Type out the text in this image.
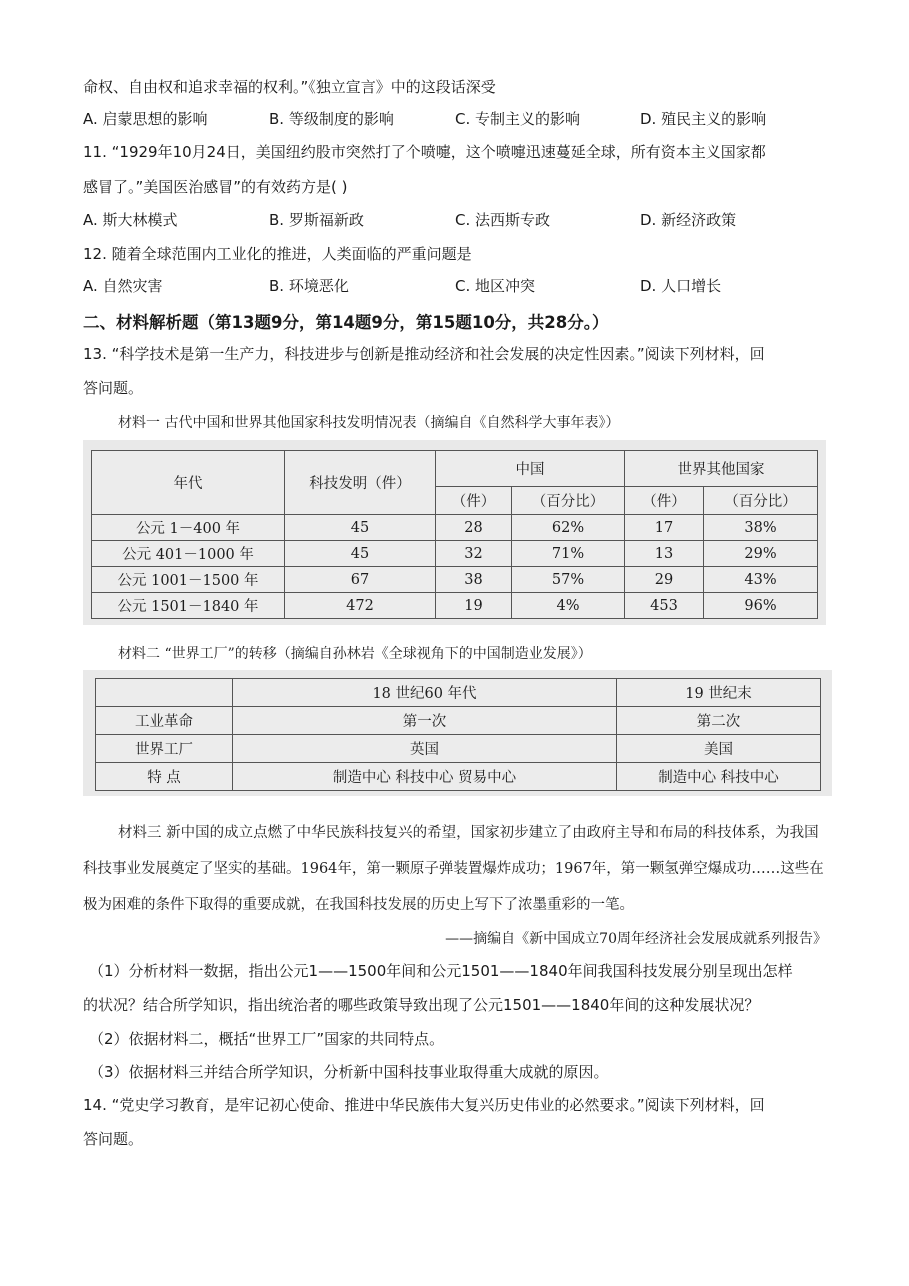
命权、自由权和追求幸福的权利。”《独立宣言》中的这段话深受
A. 启蒙思想的影响	B. 等级制度的影响	C. 专制主义的影响	D. 殖民主义的影响
11. “1929年10月24日，美国纽约股市突然打了个喷嚏，这个喷嚏迅速蔓延全球，所有资本主义国家都
感冒了。”美国医治感冒”的有效药方是( )
A. 斯大林模式	B. 罗斯福新政	C. 法西斯专政	D. 新经济政策
12. 随着全球范围内工业化的推进，人类面临的严重问题是
A. 自然灾害	B. 环境恶化	C. 地区冲突	D. 人口增长
二、材料解析题（第13题9分，第14题9分，第15题10分，共28分。）
13. “科学技术是第一生产力，科技进步与创新是推动经济和社会发展的决定性因素。”阅读下列材料，回
答问题。
材料一 古代中国和世界其他国家科技发明情况表（摘编自《自然科学大事年表》）
年代	科技发明（件）	中国		世界其他国家	
		（件）	（百分比）	（件）	（百分比）
公元 1－400 年	45	28	62%	17	38%
公元 401－1000 年	45	32	71%	13	29%
公元 1001－1500 年	67	38	57%	29	43%
公元 1501－1840 年	472	19	4%	453	96%
材料二 “世界工厂”的转移（摘编自孙林岩《全球视角下的中国制造业发展》）
	18 世纪60 年代	19 世纪末
工业革命	第一次	第二次
世界工厂	英国	美国
特 点	制造中心 科技中心 贸易中心	制造中心 科技中心
材料三 新中国的成立点燃了中华民族科技复兴的希望，国家初步建立了由政府主导和布局的科技体系，为我国科技事业发展奠定了坚实的基础。1964年，第一颗原子弹装置爆炸成功；1967年，第一颗氢弹空爆成功……这些在极为困难的条件下取得的重要成就，在我国科技发展的历史上写下了浓墨重彩的一笔。
——摘编自《新中国成立70周年经济社会发展成就系列报告》
（1）分析材料一数据，指出公元1——1500年间和公元1501——1840年间我国科技发展分别呈现出怎样
的状况？结合所学知识，指出统治者的哪些政策导致出现了公元1501——1840年间的这种发展状况？
（2）依据材料二，概括“世界工厂”国家的共同特点。
（3）依据材料三并结合所学知识，分析新中国科技事业取得重大成就的原因。
14. “党史学习教育，是牢记初心使命、推进中华民族伟大复兴历史伟业的必然要求。”阅读下列材料，回
答问题。
